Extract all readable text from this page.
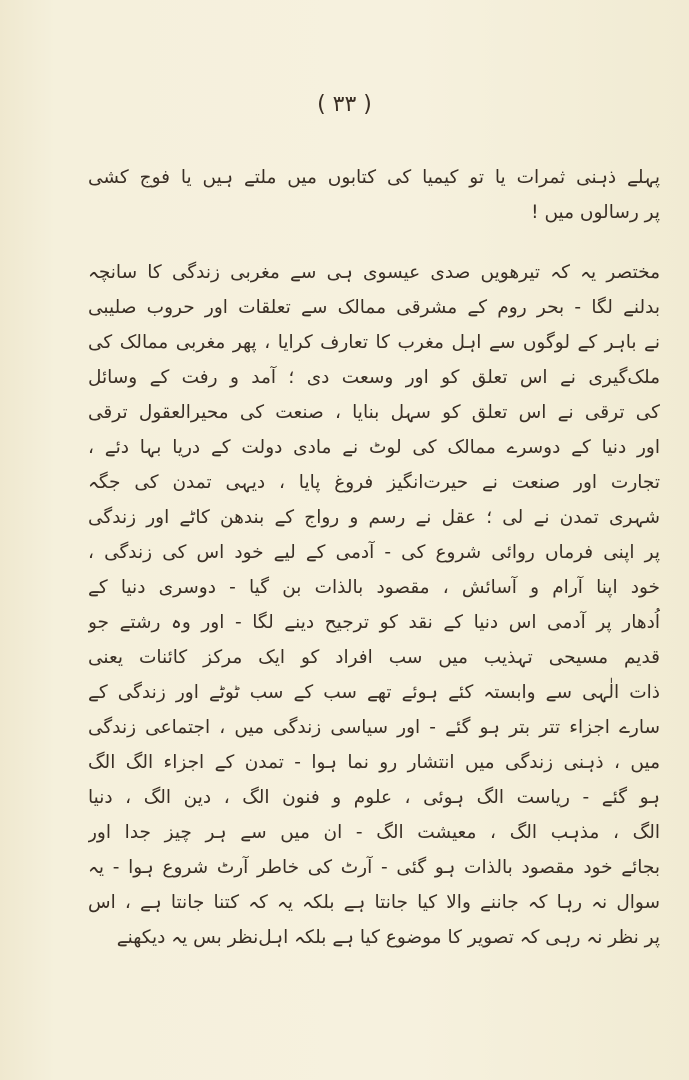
( ٣٣ )
پہلے ذہنی ثمرات یا تو کیمیا کی کتابوں میں ملتے ہیں یا فوج کشی
پر رسالوں میں !
مختصر یہ کہ تیرھویں صدی عیسوی ہی سے مغربی زندگی کا سانچہ
بدلنے لگا - بحر روم کے مشرقی ممالک سے تعلقات اور حروب صلیبی
نے باہر کے لوگوں سے اہل مغرب کا تعارف کرایا ، پھر مغربی ممالک کی
ملک‌گیری نے اس تعلق کو اور وسعت دی ؛ آمد و رفت کے وسائل
کی ترقی نے اس تعلق کو سہل بنایا ، صنعت کی محیرالعقول ترقی
اور دنیا کے دوسرے ممالک کی لوٹ نے مادی دولت کے دریا بہا دئے ،
تجارت اور صنعت نے حیرت‌انگیز فروغ پایا ، دیہی تمدن کی جگہ
شہری تمدن نے لی ؛ عقل نے رسم و رواج کے بندھن کاٹے اور زندگی
پر اپنی فرماں روائی شروع کی - آدمی کے لیے خود اس کی زندگی ،
خود اپنا آرام و آسائش ، مقصود بالذات بن گیا - دوسری دنیا کے
اُدھار پر آدمی اس دنیا کے نقد کو ترجیح دینے لگا - اور وہ رشتے جو
قدیم مسیحی تہذیب میں سب افراد کو ایک مرکز کائنات یعنی
ذات الٰہی سے وابستہ کئے ہوئے تھے سب کے سب ٹوٹے اور زندگی کے
سارے اجزاء تتر بتر ہو گئے - اور سیاسی زندگی میں ، اجتماعی زندگی
میں ، ذہنی زندگی میں انتشار رو نما ہوا - تمدن کے اجزاء الگ الگ
ہو گئے - ریاست الگ ہوئی ، علوم و فنون الگ ، دین الگ ، دنیا
الگ ، مذہب الگ ، معیشت الگ - ان میں سے ہر چیز جدا اور
بجائے خود مقصود بالذات ہو گئی - آرٹ کی خاطر آرٹ شروع ہوا - یہ
سوال نہ رہا کہ جاننے والا کیا جانتا ہے بلکہ یہ کہ کتنا جانتا ہے ، اس
پر نظر نہ رہی کہ تصویر کا موضوع کیا ہے بلکہ اہل‌نظر بس یہ دیکھنے
